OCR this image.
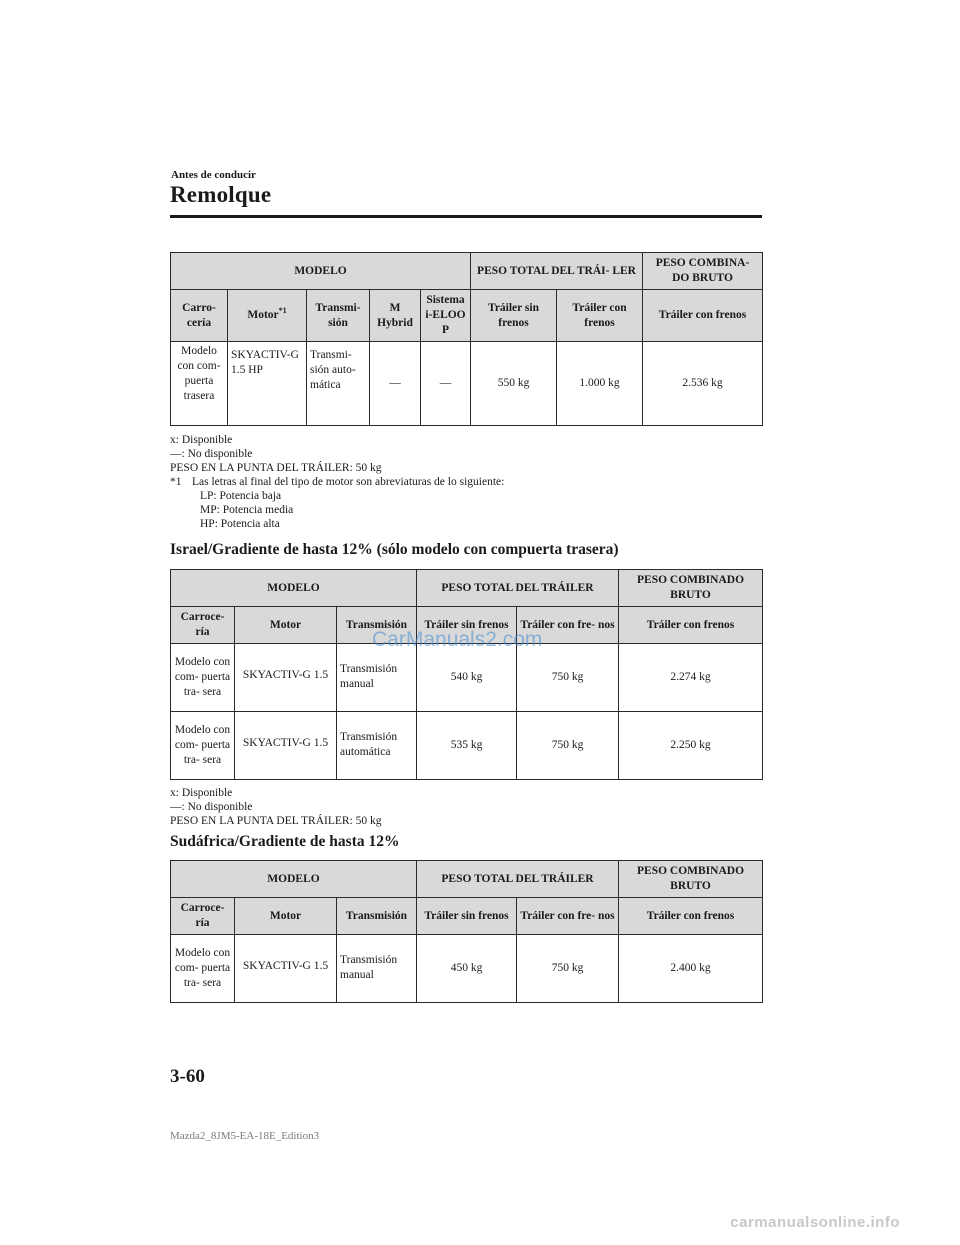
Antes de conducir
Remolque
MODELO					PESO TOTAL DEL TRÁI- LER		PESO COMBINA- DO BRUTO
Carro- cería	Motor$^{*1}$	Transmi- sión	M Hybrid	Sistema i-ELOO P	Tráiler sin frenos	Tráiler con frenos	Tráiler con frenos
Modelo con com- puerta trasera	SKYACTIV-G 1.5 HP	Transmi- sión auto- mática	—	—	550 kg	1.000 kg	2.536 kg
x: Disponible
—: No disponible
PESO EN LA PUNTA DEL TRÁILER: 50 kg
*1 Las letras al final del tipo de motor son abreviaturas de lo siguiente:
LP: Potencia baja
MP: Potencia media
HP: Potencia alta
Israel/Gradiente de hasta 12% (sólo modelo con compuerta trasera)
MODELO			PESO TOTAL DEL TRÁILER		PESO COMBINADO BRUTO
Carroce- ría	Motor	Transmisión	Tráiler sin frenos	Tráiler con fre- nos	Tráiler con frenos
Modelo con com- puerta tra- sera	SKYACTIV-G 1.5	Transmisión manual	540 kg	750 kg	2.274 kg
Modelo con com- puerta tra- sera	SKYACTIV-G 1.5	Transmisión automática	535 kg	750 kg	2.250 kg
CarManuals2.com
x: Disponible
—: No disponible
PESO EN LA PUNTA DEL TRÁILER: 50 kg
Sudáfrica/Gradiente de hasta 12%
MODELO			PESO TOTAL DEL TRÁILER		PESO COMBINADO BRUTO
Carroce- ría	Motor	Transmisión	Tráiler sin frenos	Tráiler con fre- nos	Tráiler con frenos
Modelo con com- puerta tra- sera	SKYACTIV-G 1.5	Transmisión manual	450 kg	750 kg	2.400 kg
3-60
Mazda2_8JM5-EA-18E_Edition3
carmanualsonline.info
